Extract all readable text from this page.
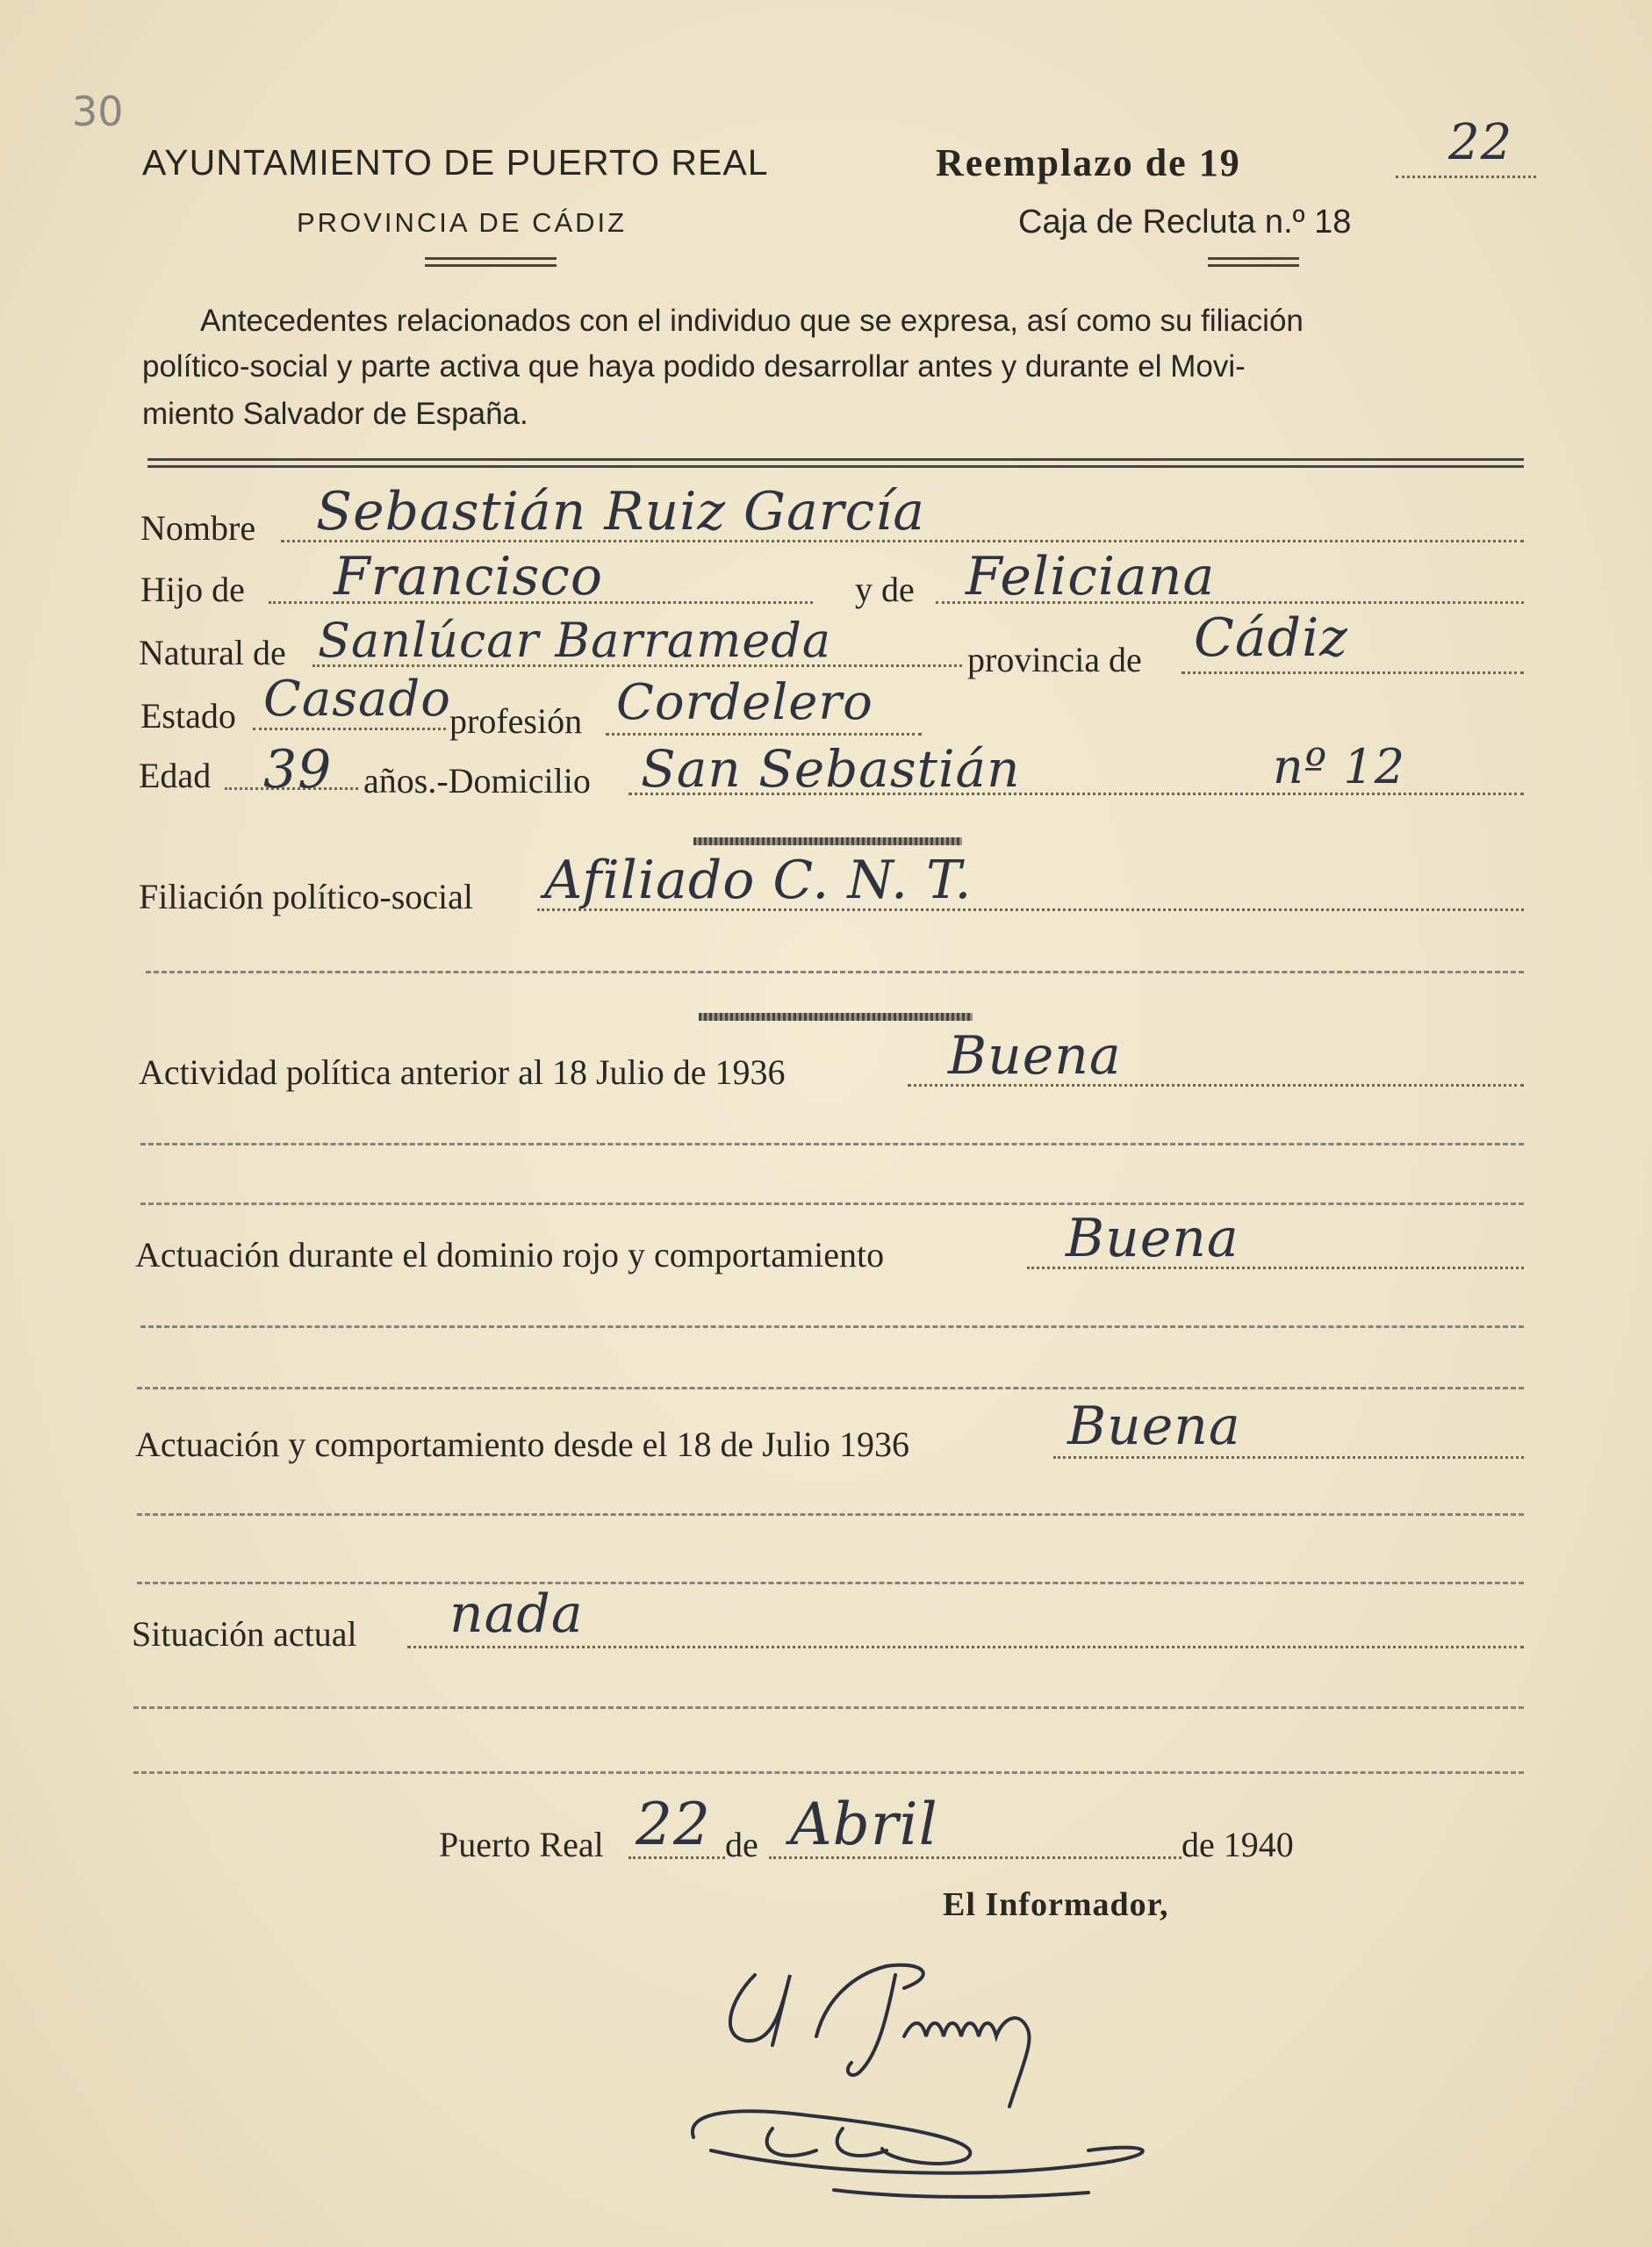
30
AYUNTAMIENTO DE PUERTO REAL
PROVINCIA DE CÁDIZ
Reemplazo de 19	22
Caja de Recluta n.º 18
Antecedentes relacionados con el individuo que se expresa, así como su filiación
político-social y parte activa que haya podido desarrollar antes y durante el Movi-
miento Salvador de España.
Nombre Sebastián Ruiz García
Hijo de Francisco	y de Feliciana
Natural de Sanlúcar Barrameda	provincia de Cádiz
Estado Casado
profesión Cordelero
Edad 39 años.-Domicilio San Sebastián	nº 12
Filiación político-social Afiliado C. N. T.
Actividad política anterior al 18 Julio de 1936	Buena
Actuación durante el dominio rojo y comportamiento	Buena
Actuación y comportamiento desde el 18 de Julio 1936	Buena
Situación actual nada
Puerto Real 22 de Abril	de 1940
El Informador,
